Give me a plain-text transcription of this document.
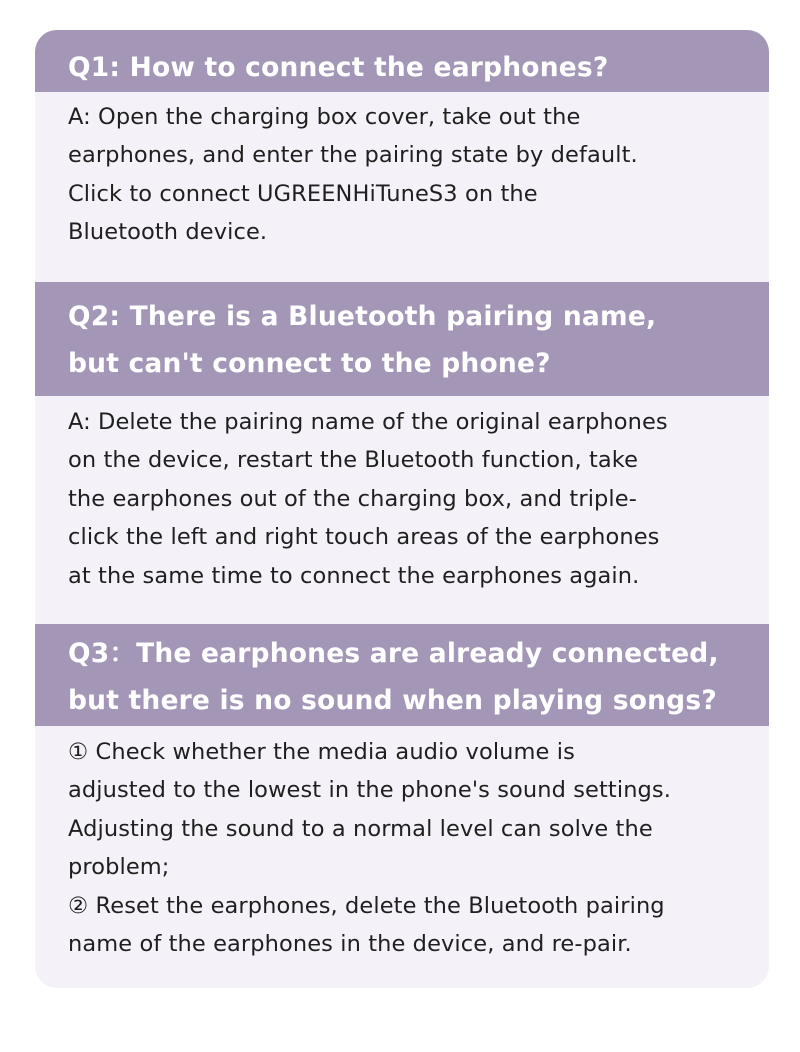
Q1: How to connect the earphones?
A: Open the charging box cover, take out the
earphones, and enter the pairing state by default.
Click to connect UGREENHiTuneS3 on the
Bluetooth device.
Q2: There is a Bluetooth pairing name,
but can't connect to the phone?
A: Delete the pairing name of the original earphones
on the device, restart the Bluetooth function, take
the earphones out of the charging box, and triple-
click the left and right touch areas of the earphones
at the same time to connect the earphones again.
Q3：The earphones are already connected,
but there is no sound when playing songs?
① Check whether the media audio volume is
adjusted to the lowest in the phone's sound settings.
Adjusting the sound to a normal level can solve the
problem;
② Reset the earphones, delete the Bluetooth pairing
name of the earphones in the device, and re-pair.
